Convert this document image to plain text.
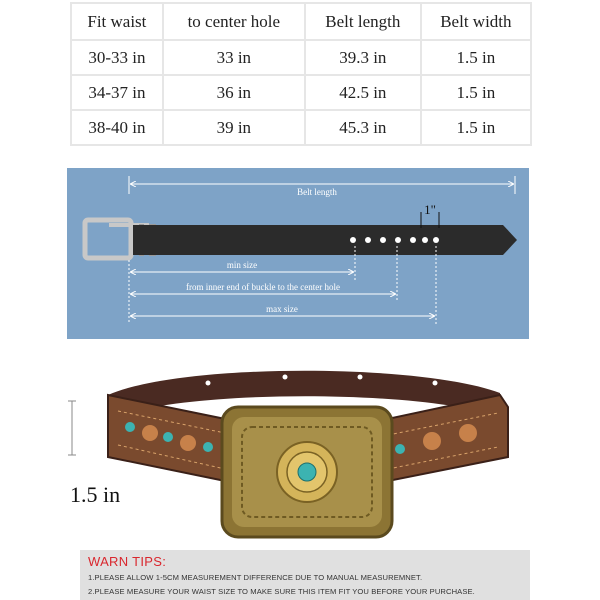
Fit waist	to center hole	Belt length	Belt width
30-33 in	33 in	39.3 in	1.5 in
34-37 in	36 in	42.5 in	1.5 in
38-40 in	39 in	45.3 in	1.5 in
Belt length
1"
min size
from inner end of buckle to the center hole
max size
1.5 in
WARN TIPS:
1.PLEASE ALLOW 1-5CM MEASUREMENT DIFFERENCE DUE TO MANUAL MEASUREMNET.
2.PLEASE MEASURE YOUR WAIST SIZE TO MAKE SURE THIS ITEM FIT YOU BEFORE YOUR PURCHASE.
